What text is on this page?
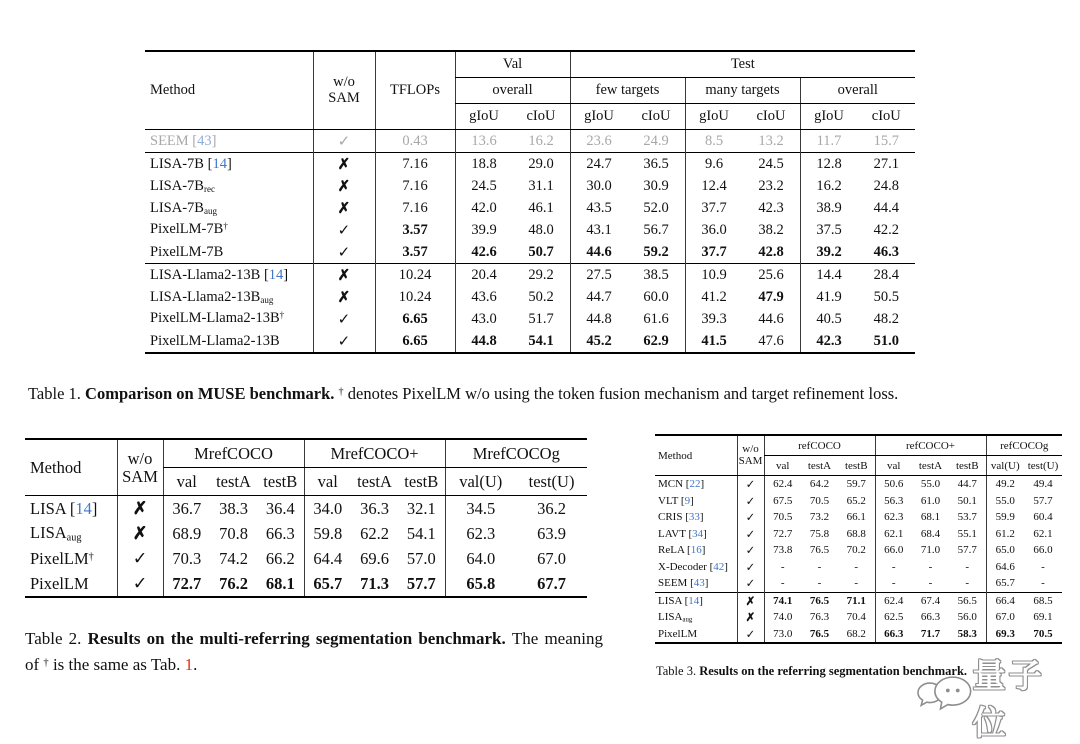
Method	w/o
SAM	TFLOPs	Val		Test					
			overall		few targets		many targets		overall	
			gIoU	cIoU	gIoU	cIoU	gIoU	cIoU	gIoU	cIoU
SEEM [43]	✓	0.43	13.6	16.2	23.6	24.9	8.5	13.2	11.7	15.7
LISA-7B [14]	✗	7.16	18.8	29.0	24.7	36.5	9.6	24.5	12.8	27.1
LISA-$7B_{rec}$	✗	7.16	24.5	31.1	30.0	30.9	12.4	23.2	16.2	24.8
LISA-$7B_{aug}$	✗	7.16	42.0	46.1	43.5	52.0	37.7	42.3	38.9	44.4
PixelLM-7B†	✓	3.57	39.9	48.0	43.1	56.7	36.0	38.2	37.5	42.2
PixelLM-7B	✓	3.57	42.6	50.7	44.6	59.2	37.7	42.8	39.2	46.3
LISA-Llama2-13B [14]	✗	10.24	20.4	29.2	27.5	38.5	10.9	25.6	14.4	28.4
LISA-$Llama2-13B_{aug}$	✗	10.24	43.6	50.2	44.7	60.0	41.2	47.9	41.9	50.5
PixelLM-Llama2-13B†	✓	6.65	43.0	51.7	44.8	61.6	39.3	44.6	40.5	48.2
PixelLM-Llama2-13B	✓	6.65	44.8	54.1	45.2	62.9	41.5	47.6	42.3	51.0

Table 1. Comparison on MUSE benchmark. † denotes PixelLM w/o using the token fusion mechanism and target refinement loss.

Method	w/o
SAM	MrefCOCO			MrefCOCO+			MrefCOCOg	
		val	testA	testB	val	testA	testB	val(U)	test(U)
LISA [14]	✗	36.7	38.3	36.4	34.0	36.3	32.1	34.5	36.2
$LISA_{aug}$	✗	68.9	70.8	66.3	59.8	62.2	54.1	62.3	63.9
PixelLM†	✓	70.3	74.2	66.2	64.4	69.6	57.0	64.0	67.0
PixelLM	✓	72.7	76.2	68.1	65.7	71.3	57.7	65.8	67.7

Table 2. Results on the multi-referring segmentation benchmark. The meaning of † is the same as Tab. 1.

Method	w/o
SAM	refCOCO			refCOCO+			refCOCOg	
		val	testA	testB	val	testA	testB	val(U)	test(U)
MCN [22]	✓	62.4	64.2	59.7	50.6	55.0	44.7	49.2	49.4
VLT [9]	✓	67.5	70.5	65.2	56.3	61.0	50.1	55.0	57.7
CRIS [33]	✓	70.5	73.2	66.1	62.3	68.1	53.7	59.9	60.4
LAVT [34]	✓	72.7	75.8	68.8	62.1	68.4	55.1	61.2	62.1
ReLA [16]	✓	73.8	76.5	70.2	66.0	71.0	57.7	65.0	66.0
X-Decoder [42]	✓	-	-	-	-	-	-	64.6	-
SEEM [43]	✓	-	-	-	-	-	-	65.7	-
LISA [14]	✗	74.1	76.5	71.1	62.4	67.4	56.5	66.4	68.5
$LISA_{aug}$	✗	74.0	76.3	70.4	62.5	66.3	56.0	67.0	69.1
PixelLM	✓	73.0	76.5	68.2	66.3	71.7	58.3	69.3	70.5

Table 3. Results on the referring segmentation benchmark. 量子位
